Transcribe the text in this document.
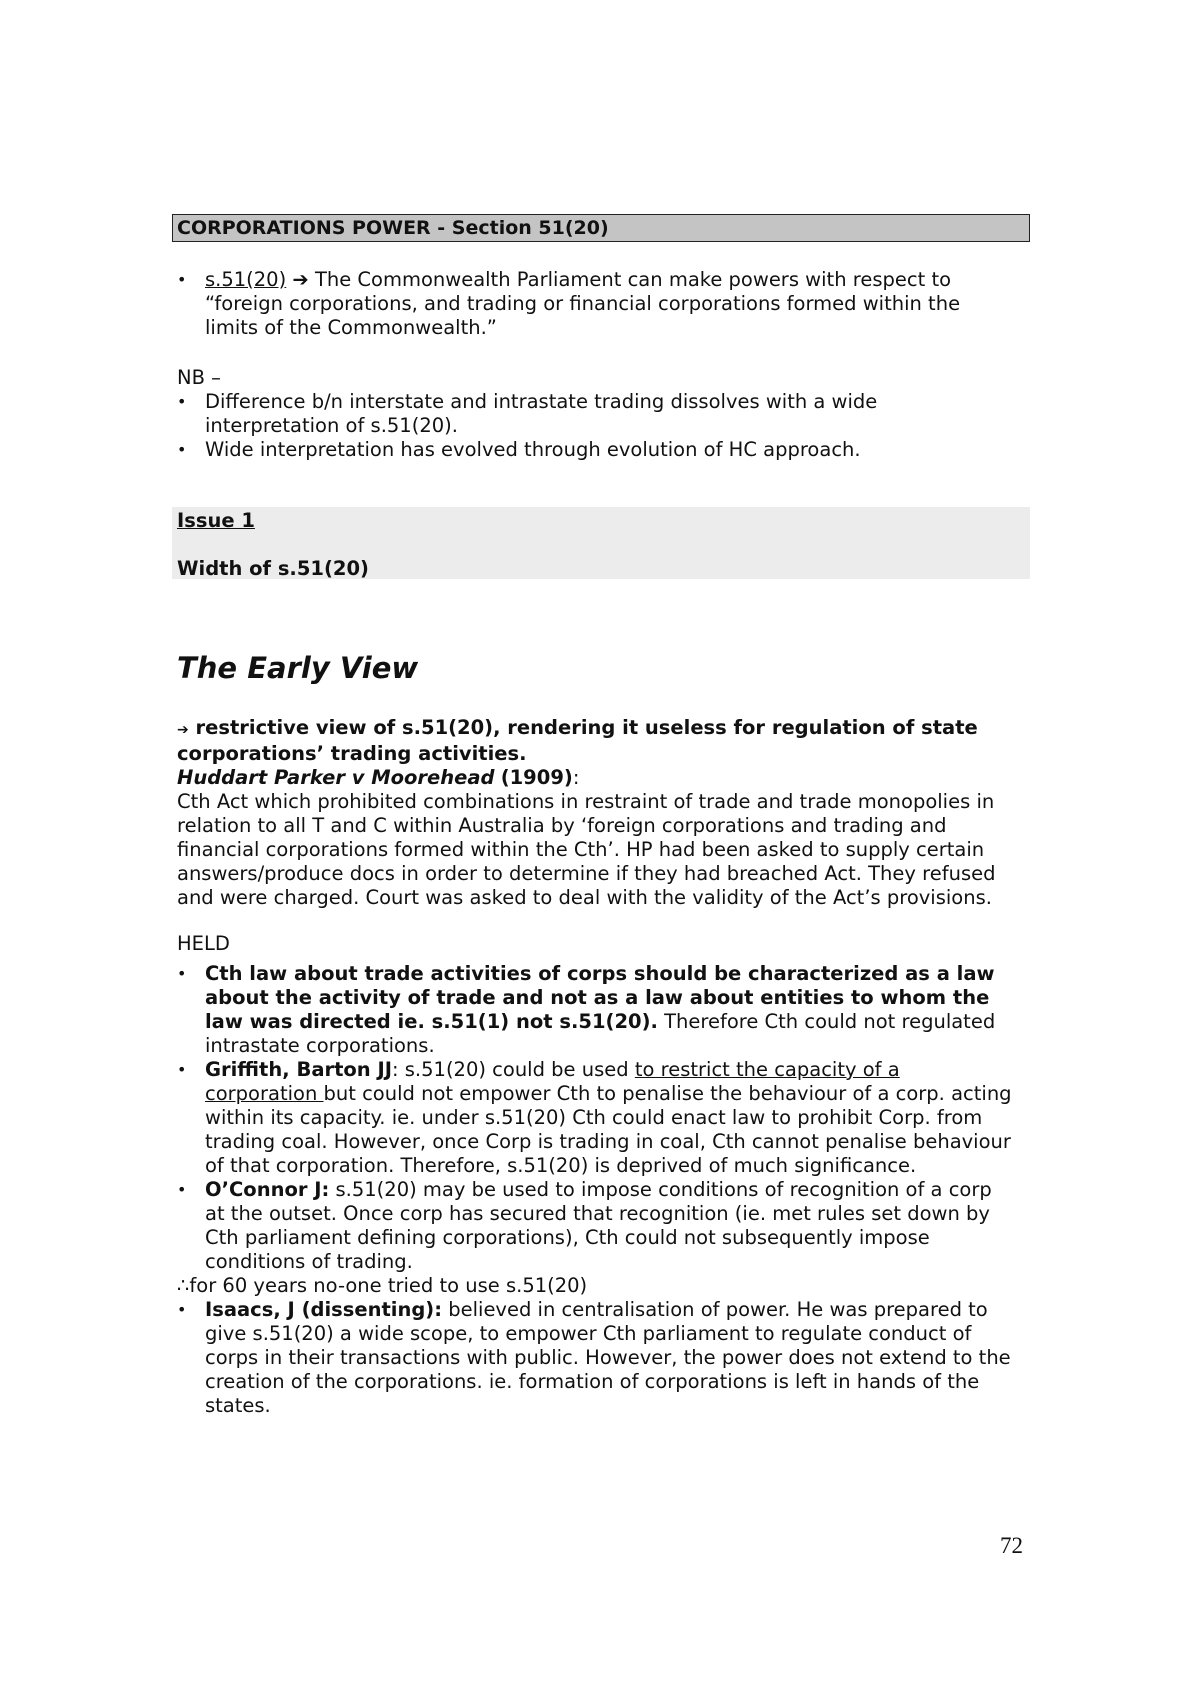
CORPORATIONS POWER - Section 51(20)
• s.51(20) ➔ The Commonwealth Parliament can make powers with respect to
“foreign corporations, and trading or financial corporations formed within the
limits of the Commonwealth.”
NB –
• Difference b/n interstate and intrastate trading dissolves with a wide
interpretation of s.51(20).
• Wide interpretation has evolved through evolution of HC approach.
Issue 1
Width of s.51(20)
The Early View
➔ restrictive view of s.51(20), rendering it useless for regulation of state
corporations’ trading activities.
Huddart Parker v Moorehead (1909):
Cth Act which prohibited combinations in restraint of trade and trade monopolies in
relation to all T and C within Australia by ‘foreign corporations and trading and
financial corporations formed within the Cth’. HP had been asked to supply certain
answers/produce docs in order to determine if they had breached Act. They refused
and were charged. Court was asked to deal with the validity of the Act’s provisions.
HELD
• Cth law about trade activities of corps should be characterized as a law
about the activity of trade and not as a law about entities to whom the
law was directed ie. s.51(1) not s.51(20). Therefore Cth could not regulated
intrastate corporations.
• Griffith, Barton JJ: s.51(20) could be used to restrict the capacity of a
corporation but could not empower Cth to penalise the behaviour of a corp. acting
within its capacity. ie. under s.51(20) Cth could enact law to prohibit Corp. from
trading coal. However, once Corp is trading in coal, Cth cannot penalise behaviour
of that corporation. Therefore, s.51(20) is deprived of much significance.
• O’Connor J: s.51(20) may be used to impose conditions of recognition of a corp
at the outset. Once corp has secured that recognition (ie. met rules set down by
Cth parliament defining corporations), Cth could not subsequently impose
conditions of trading.
∴for 60 years no-one tried to use s.51(20)
• Isaacs, J (dissenting): believed in centralisation of power. He was prepared to
give s.51(20) a wide scope, to empower Cth parliament to regulate conduct of
corps in their transactions with public. However, the power does not extend to the
creation of the corporations. ie. formation of corporations is left in hands of the
states.
72
